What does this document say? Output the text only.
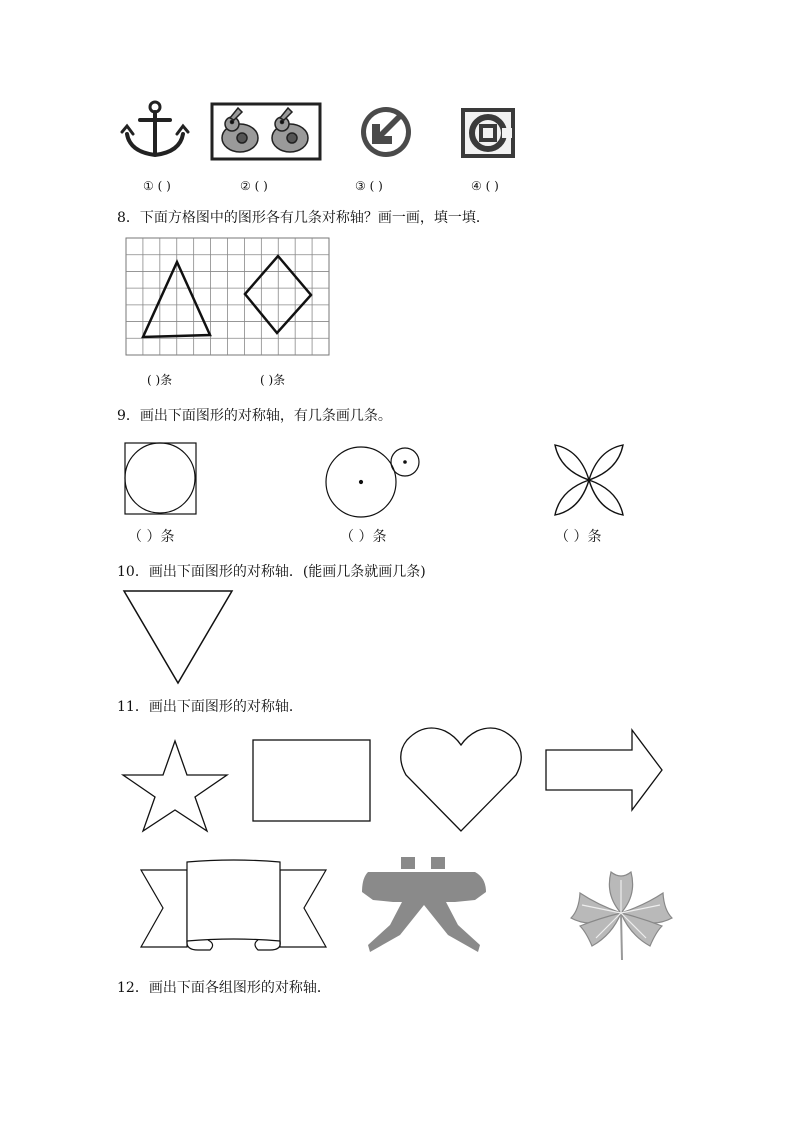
① ( )	② ( )	③ ( )	④ ( )
8．下面方格图中的图形各有几条对称轴？画一画，填一填．
( )条	( )条
9．画出下面图形的对称轴，有几条画几条。
（ ）条	（ ）条	（ ）条
10．画出下面图形的对称轴．(能画几条就画几条)
11．画出下面图形的对称轴．
12．画出下面各组图形的对称轴．
